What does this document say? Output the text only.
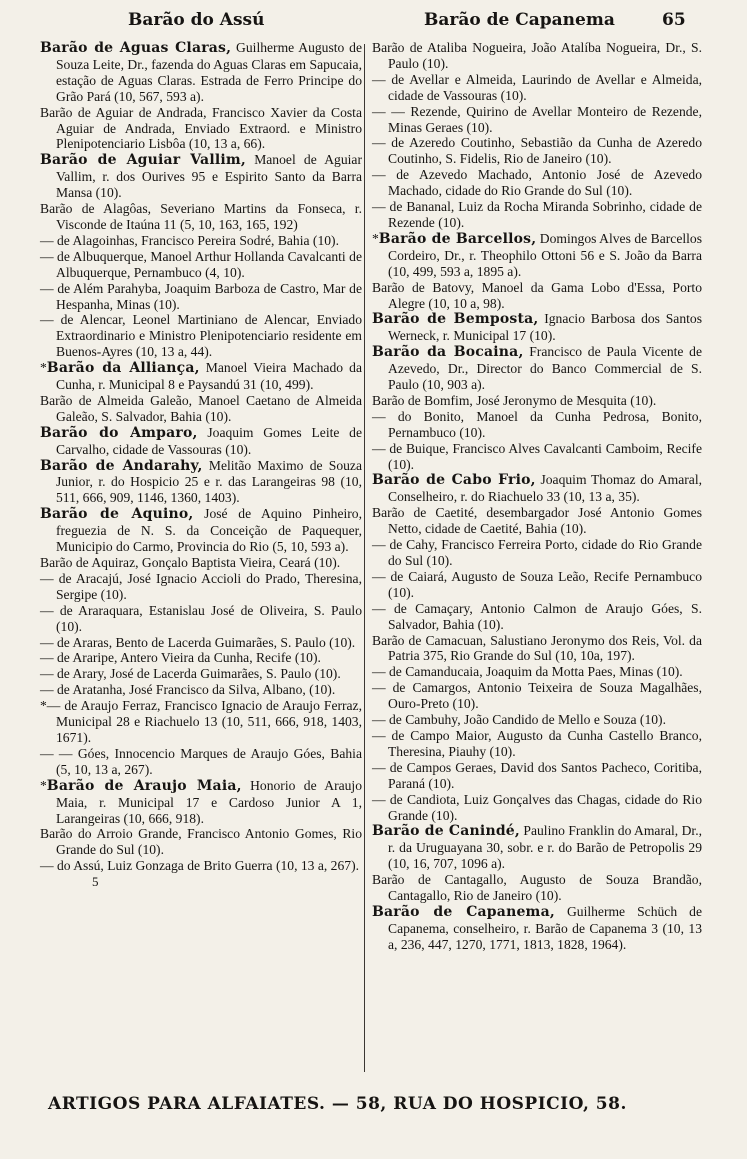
Barão do Assú	Barão de Capanema	65

Barão de Aguas Claras, Guilherme Augusto de Souza Leite, Dr., fazenda do Aguas Claras em Sapucaia, estação de Aguas Claras. Estrada de Ferro Principe do Grão Pará (10, 567, 593 a).

Barão de Aguiar de Andrada, Francisco Xavier da Costa Aguiar de Andrada, Enviado Extraord. e Ministro Plenipotenciario Lisbôa (10, 13 a, 66).

Barão de Aguiar Vallim, Manoel de Aguiar Vallim, r. dos Ourives 95 e Espirito Santo da Barra Mansa (10).

Barão de Alagôas, Severiano Martins da Fonseca, r. Visconde de Itaúna 11 (5, 10, 163, 165, 192)

— de Alagoinhas, Francisco Pereira Sodré, Bahia (10).

— de Albuquerque, Manoel Arthur Hollanda Cavalcanti de Albuquerque, Pernambuco (4, 10).

— de Além Parahyba, Joaquim Barboza de Castro, Mar de Hespanha, Minas (10).

— de Alencar, Leonel Martiniano de Alencar, Enviado Extraordinario e Ministro Plenipotenciario residente em Buenos-Ayres (10, 13 a, 44).

*Barão da Alliança, Manoel Vieira Machado da Cunha, r. Municipal 8 e Paysandú 31 (10, 499).

Barão de Almeida Galeão, Manoel Caetano de Almeida Galeão, S. Salvador, Bahia (10).

Barão do Amparo, Joaquim Gomes Leite de Carvalho, cidade de Vassouras (10).

Barão de Andarahy, Melitão Maximo de Souza Junior, r. do Hospicio 25 e r. das Larangeiras 98 (10, 511, 666, 909, 1146, 1360, 1403).

Barão de Aquino, José de Aquino Pinheiro, freguezia de N. S. da Conceição de Paquequer, Municipio do Carmo, Provincia do Rio (5, 10, 593 a).

Barão de Aquiraz, Gonçalo Baptista Vieira, Ceará (10).

— de Aracajú, José Ignacio Accioli do Prado, Theresina, Sergipe (10).

— de Araraquara, Estanislau José de Oliveira, S. Paulo (10).

— de Araras, Bento de Lacerda Guimarães, S. Paulo (10).

— de Araripe, Antero Vieira da Cunha, Recife (10).

— de Arary, José de Lacerda Guimarães, S. Paulo (10).

— de Aratanha, José Francisco da Silva, Albano, (10).

*— de Araujo Ferraz, Francisco Ignacio de Araujo Ferraz, Municipal 28 e Riachuelo 13 (10, 511, 666, 918, 1403, 1671).

— — Góes, Innocencio Marques de Araujo Góes, Bahia (5, 10, 13 a, 267).

*Barão de Araujo Maia, Honorio de Araujo Maia, r. Municipal 17 e Cardoso Junior A 1, Larangeiras (10, 666, 918).

Barão do Arroio Grande, Francisco Antonio Gomes, Rio Grande do Sul (10).

— do Assú, Luiz Gonzaga de Brito Guerra (10, 13 a, 267).

5

Barão de Ataliba Nogueira, João Atalíba Nogueira, Dr., S. Paulo (10).

— de Avellar e Almeida, Laurindo de Avellar e Almeida, cidade de Vassouras (10).

— — Rezende, Quirino de Avellar Monteiro de Rezende, Minas Geraes (10).

— de Azeredo Coutinho, Sebastião da Cunha de Azeredo Coutinho, S. Fidelis, Rio de Janeiro (10).

— de Azevedo Machado, Antonio José de Azevedo Machado, cidade do Rio Grande do Sul (10).

— de Bananal, Luiz da Rocha Miranda Sobrinho, cidade de Rezende (10).

*Barão de Barcellos, Domingos Alves de Barcellos Cordeiro, Dr., r. Theophilo Ottoni 56 e S. João da Barra (10, 499, 593 a, 1895 a).

Barão de Batovy, Manoel da Gama Lobo d'Essa, Porto Alegre (10, 10 a, 98).

Barão de Bemposta, Ignacio Barbosa dos Santos Werneck, r. Municipal 17 (10).

Barão da Bocaina, Francisco de Paula Vicente de Azevedo, Dr., Director do Banco Commercial de S. Paulo (10, 903 a).

Barão de Bomfim, José Jeronymo de Mesquita (10).

— do Bonito, Manoel da Cunha Pedrosa, Bonito, Pernambuco (10).

— de Buique, Francisco Alves Cavalcanti Camboim, Recife (10).

Barão de Cabo Frio, Joaquim Thomaz do Amaral, Conselheiro, r. do Riachuelo 33 (10, 13 a, 35).

Barão de Caetité, desembargador José Antonio Gomes Netto, cidade de Caetité, Bahia (10).

— de Cahy, Francisco Ferreira Porto, cidade do Rio Grande do Sul (10).

— de Caiará, Augusto de Souza Leão, Recife Pernambuco (10).

— de Camaçary, Antonio Calmon de Araujo Góes, S. Salvador, Bahia (10).

Barão de Camacuan, Salustiano Jeronymo dos Reis, Vol. da Patria 375, Rio Grande do Sul (10, 10a, 197).

— de Camanducaia, Joaquim da Motta Paes, Minas (10).

— de Camargos, Antonio Teixeira de Souza Magalhães, Ouro-Preto (10).

— de Cambuhy, João Candido de Mello e Souza (10).

— de Campo Maior, Augusto da Cunha Castello Branco, Theresina, Piauhy (10).

— de Campos Geraes, David dos Santos Pacheco, Coritiba, Paraná (10).

— de Candiota, Luiz Gonçalves das Chagas, cidade do Rio Grande (10).

Barão de Canindé, Paulino Franklin do Amaral, Dr., r. da Uruguayana 30, sobr. e r. do Barão de Petropolis 29 (10, 16, 707, 1096 a).

Barão de Cantagallo, Augusto de Souza Brandão, Cantagallo, Rio de Janeiro (10).

Barão de Capanema, Guilherme Schüch de Capanema, conselheiro, r. Barão de Capanema 3 (10, 13 a, 236, 447, 1270, 1771, 1813, 1828, 1964).

ARTIGOS PARA ALFAIATES. — 58, RUA DO HOSPICIO, 58.
